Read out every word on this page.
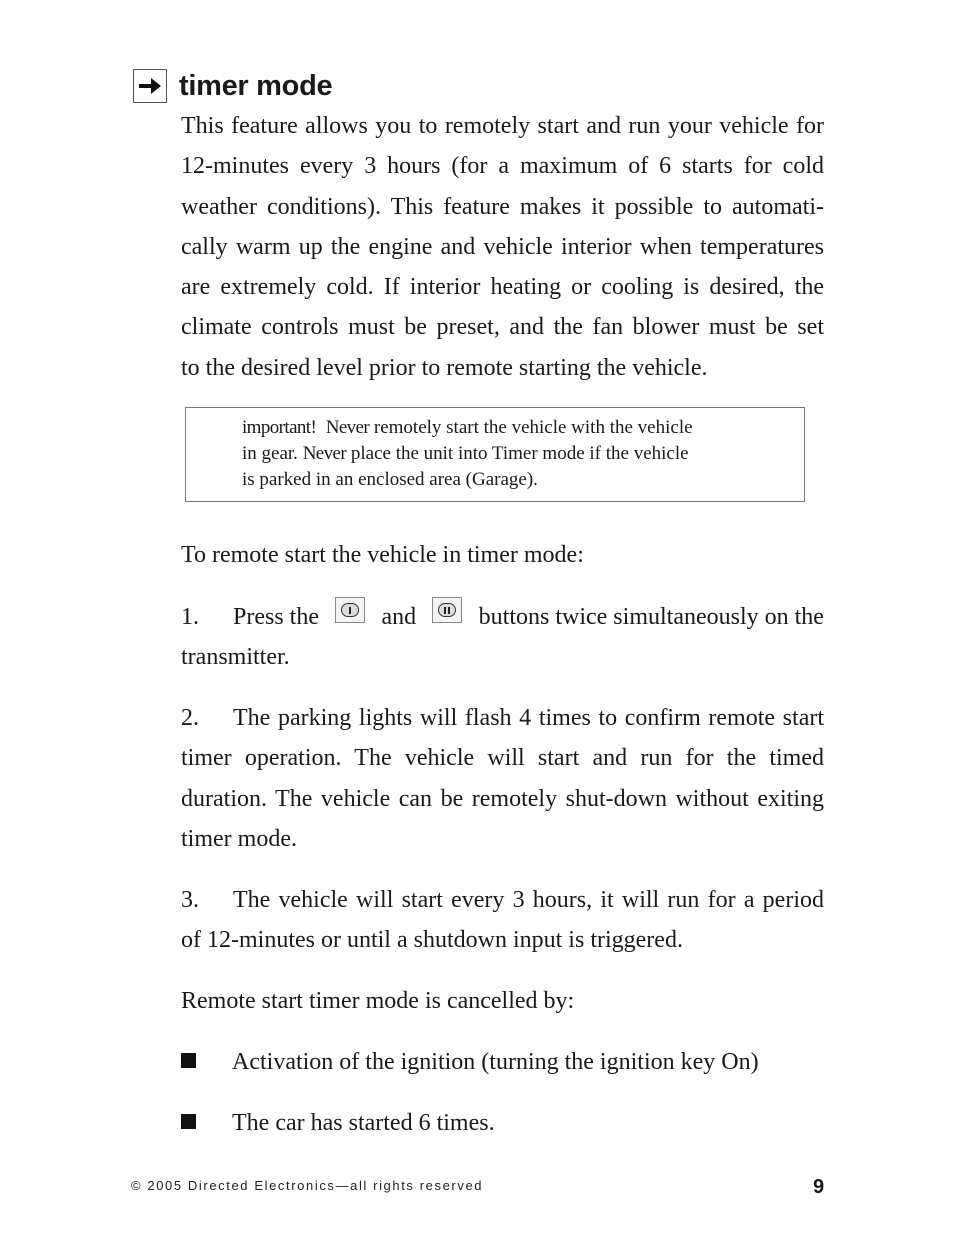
timer mode
This feature allows you to remotely start and run your vehicle for
12-minutes every 3 hours (for a maximum of 6 starts for cold
weather conditions). This feature makes it possible to automati-
cally warm up the engine and vehicle interior when temperatures
are extremely cold. If interior heating or cooling is desired, the
climate controls must be preset, and the fan blower must be set
to the desired level prior to remote starting the vehicle.
important! Never remotely start the vehicle with the vehicle
in gear. Never place the unit into Timer mode if the vehicle
is parked in an enclosed area (Garage).
To remote start the vehicle in timer mode:
1. Press the	and	buttons twice simultaneously on the
transmitter.
2. The parking lights will flash 4 times to confirm remote start
timer operation. The vehicle will start and run for the timed
duration. The vehicle can be remotely shut-down without exiting
timer mode.
3. The vehicle will start every 3 hours, it will run for a period
of 12-minutes or until a shutdown input is triggered.
Remote start timer mode is cancelled by:
Activation of the ignition (turning the ignition key On)
The car has started 6 times.
© 2005 Directed Electronics—all rights reserved	9
